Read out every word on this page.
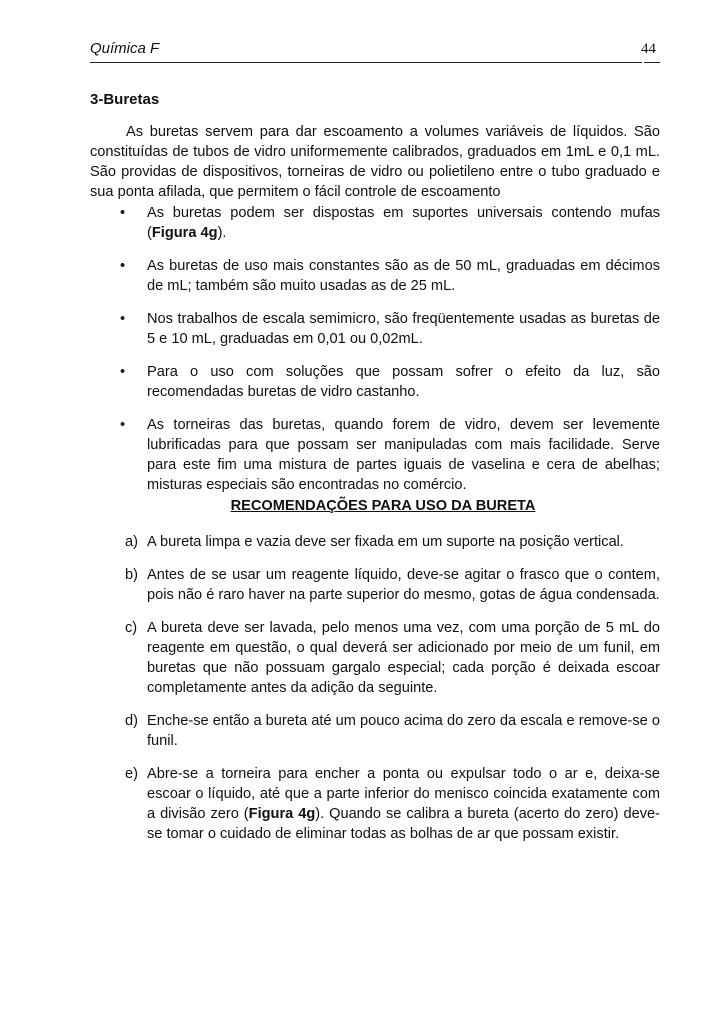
Química F	44
3-Buretas

As buretas servem para dar escoamento a volumes variáveis de líquidos. São constituídas de tubos de vidro uniformemente calibrados, graduados em 1mL e 0,1 mL. São providas de dispositivos, torneiras de vidro ou polietileno entre o tubo graduado e sua ponta afilada, que permitem o fácil controle de escoamento

• As buretas podem ser dispostas em suportes universais contendo mufas (Figura 4g).
• As buretas de uso mais constantes são as de 50 mL, graduadas em décimos de mL; também são muito usadas as de 25 mL.
• Nos trabalhos de escala semimicro, são freqüentemente usadas as buretas de 5 e 10 mL, graduadas em 0,01 ou 0,02mL.
• Para o uso com soluções que possam sofrer o efeito da luz, são recomendadas buretas de vidro castanho.
• As torneiras das buretas, quando forem de vidro, devem ser levemente lubrificadas para que possam ser manipuladas com mais facilidade. Serve para este fim uma mistura de partes iguais de vaselina e cera de abelhas; misturas especiais são encontradas no comércio.
RECOMENDAÇÕES PARA USO DA BURETA
a) A bureta limpa e vazia deve ser fixada em um suporte na posição vertical.
b) Antes de se usar um reagente líquido, deve-se agitar o frasco que o contem, pois não é raro haver na parte superior do mesmo, gotas de água condensada.
c) A bureta deve ser lavada, pelo menos uma vez, com uma porção de 5 mL do reagente em questão, o qual deverá ser adicionado por meio de um funil, em buretas que não possuam gargalo especial; cada porção é deixada escoar completamente antes da adição da seguinte.
d) Enche-se então a bureta até um pouco acima do zero da escala e remove-se o funil.
e) Abre-se a torneira para encher a ponta ou expulsar todo o ar e, deixa-se escoar o líquido, até que a parte inferior do menisco coincida exatamente com a divisão zero (Figura 4g). Quando se calibra a bureta (acerto do zero) deve-se tomar o cuidado de eliminar todas as bolhas de ar que possam existir.
